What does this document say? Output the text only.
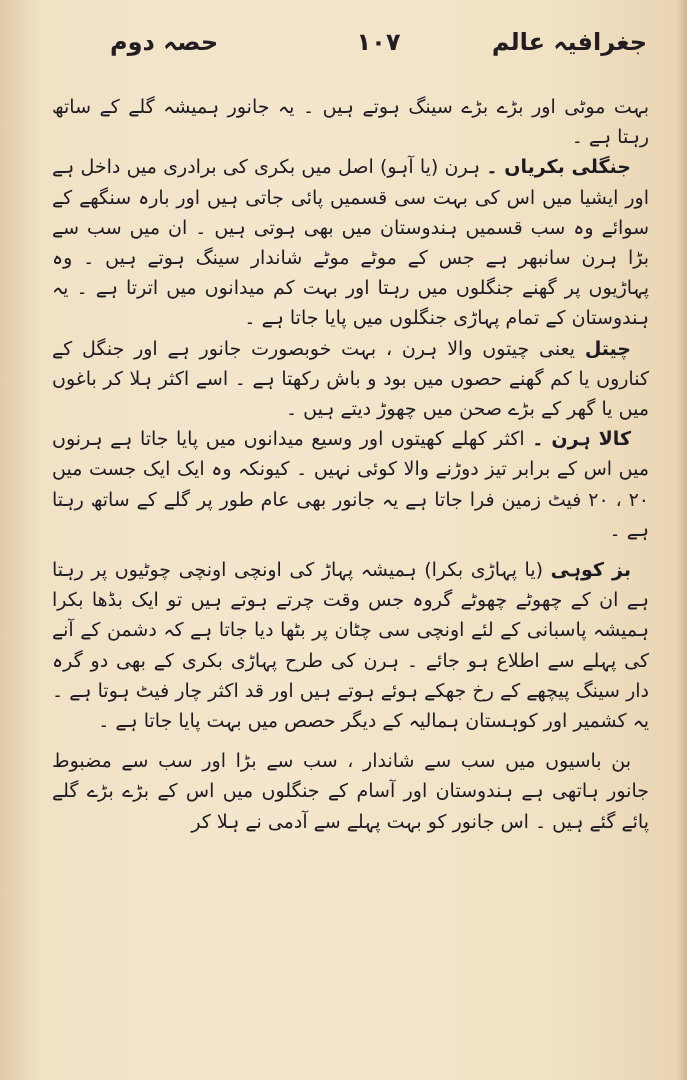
جغرافیہ عالم
١٠٧
حصہ دوم

بہت موٹی اور بڑے بڑے سینگ ہوتے ہیں ۔ یہ جانور ہمیشہ گلے کے ساتھ رہتا ہے ۔

جنگلی بکریاں ۔ ہرن (یا آہو) اصل میں بکری کی برادری میں داخل ہے اور ایشیا میں اس کی بہت سی قسمیں پائی جاتی ہیں اور بارہ سنگھے کے سوائے وہ سب قسمیں ہندوستان میں بھی ہوتی ہیں ۔ ان میں سب سے بڑا ہرن سانبھر ہے جس کے موٹے موٹے شاندار سینگ ہوتے ہیں ۔ وہ پہاڑیوں پر گھنے جنگلوں میں رہتا اور بہت کم میدانوں میں اترتا ہے ۔ یہ ہندوستان کے تمام پہاڑی جنگلوں میں پایا جاتا ہے ۔

چیتل یعنی چیتوں والا ہرن ، بہت خوبصورت جانور ہے اور جنگل کے کناروں یا کم گھنے حصوں میں بود و باش رکھتا ہے ۔ اسے اکثر ہلا کر باغوں میں یا گھر کے بڑے صحن میں چھوڑ دیتے ہیں ۔

کالا ہرن ۔ اکثر کھلے کھیتوں اور وسیع میدانوں میں پایا جاتا ہے ہرنوں میں اس کے برابر تیز دوڑنے والا کوئی نہیں ۔ کیونکہ وہ ایک ایک جست میں ٢٠ ، ٢٠ فیٹ زمین فرا جاتا ہے یہ جانور بھی عام طور پر گلے کے ساتھ رہتا ہے ۔

بز کوہی (یا پہاڑی بکرا) ہمیشہ پہاڑ کی اونچی اونچی چوٹیوں پر رہتا ہے ان کے چھوٹے چھوٹے گروہ جس وقت چرتے ہوتے ہیں تو ایک بڈھا بکرا ہمیشہ پاسبانی کے لئے اونچی سی چٹان پر بٹھا دیا جاتا ہے کہ دشمن کے آنے کی پہلے سے اطلاع ہو جائے ۔ ہرن کی طرح پہاڑی بکری کے بھی دو گرہ دار سینگ پیچھے کے رخ جھکے ہوئے ہوتے ہیں اور قد اکثر چار فیٹ ہوتا ہے ۔ یہ کشمیر اور کوہستان ہمالیہ کے دیگر حصص میں بہت پایا جاتا ہے ۔

بن باسیوں میں سب سے شاندار ، سب سے بڑا اور سب سے مضبوط جانور ہاتھی ہے ہندوستان اور آسام کے جنگلوں میں اس کے بڑے بڑے گلے پائے گئے ہیں ۔ اس جانور کو بہت پہلے سے آدمی نے ہلا کر
